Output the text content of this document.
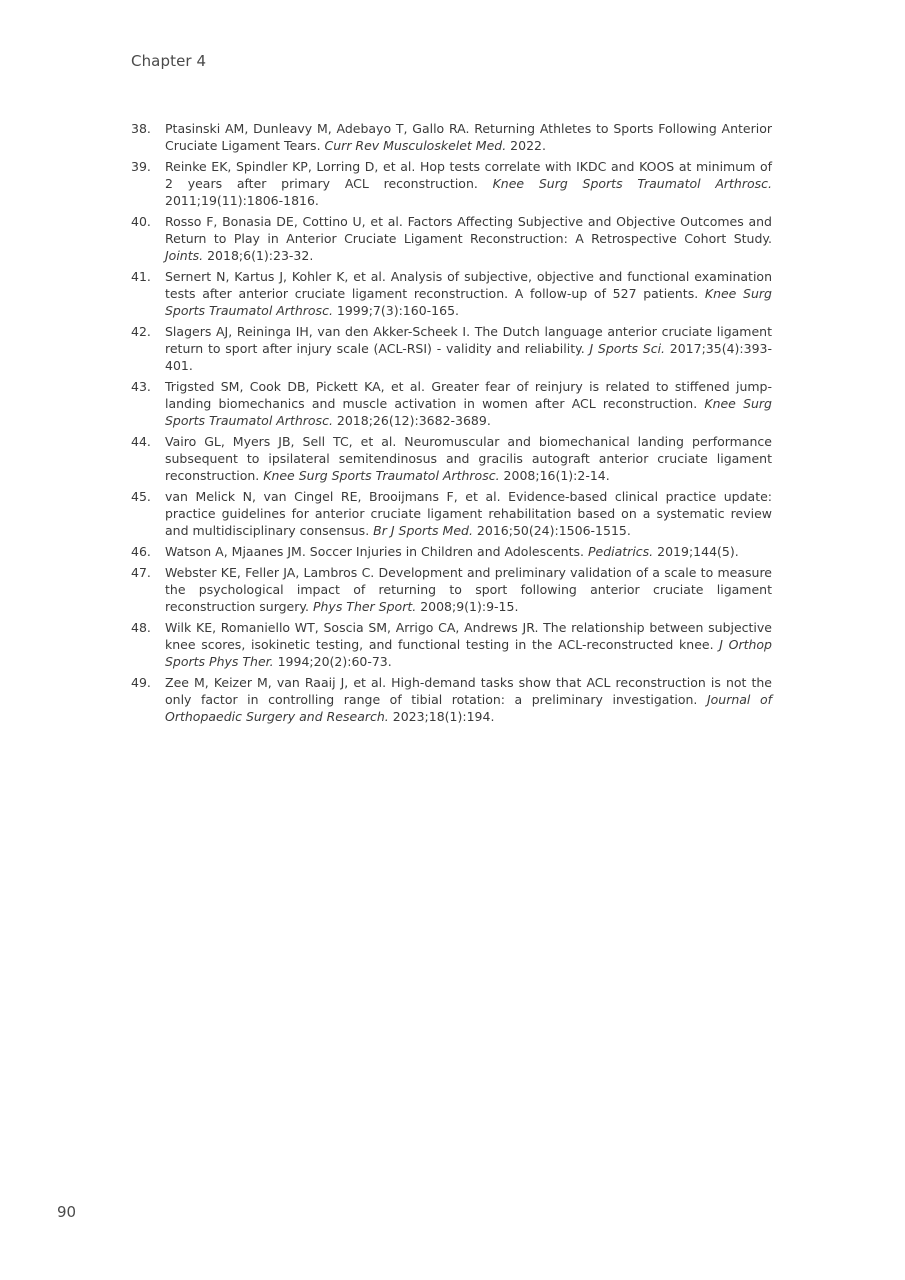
Chapter 4
38.	Ptasinski AM, Dunleavy M, Adebayo T, Gallo RA. Returning Athletes to Sports Following Anterior Cruciate Ligament Tears. Curr Rev Musculoskelet Med. 2022.
39.	Reinke EK, Spindler KP, Lorring D, et al. Hop tests correlate with IKDC and KOOS at minimum of 2 years after primary ACL reconstruction. Knee Surg Sports Traumatol Arthrosc. 2011;19(11):1806-1816.
40.	Rosso F, Bonasia DE, Cottino U, et al. Factors Affecting Subjective and Objective Outcomes and Return to Play in Anterior Cruciate Ligament Reconstruction: A Retrospective Cohort Study. Joints. 2018;6(1):23-32.
41.	Sernert N, Kartus J, Kohler K, et al. Analysis of subjective, objective and functional examination tests after anterior cruciate ligament reconstruction. A follow-up of 527 patients. Knee Surg Sports Traumatol Arthrosc. 1999;7(3):160-165.
42.	Slagers AJ, Reininga IH, van den Akker-Scheek I. The Dutch language anterior cruciate ligament return to sport after injury scale (ACL-RSI) - validity and reliability. J Sports Sci. 2017;35(4):393-401.
43.	Trigsted SM, Cook DB, Pickett KA, et al. Greater fear of reinjury is related to stiffened jump-landing biomechanics and muscle activation in women after ACL reconstruction. Knee Surg Sports Traumatol Arthrosc. 2018;26(12):3682-3689.
44.	Vairo GL, Myers JB, Sell TC, et al. Neuromuscular and biomechanical landing performance subsequent to ipsilateral semitendinosus and gracilis autograft anterior cruciate ligament reconstruction. Knee Surg Sports Traumatol Arthrosc. 2008;16(1):2-14.
45.	van Melick N, van Cingel RE, Brooijmans F, et al. Evidence-based clinical practice update: practice guidelines for anterior cruciate ligament rehabilitation based on a systematic review and multidisciplinary consensus. Br J Sports Med. 2016;50(24):1506-1515.
46.	Watson A, Mjaanes JM. Soccer Injuries in Children and Adolescents. Pediatrics. 2019;144(5).
47.	Webster KE, Feller JA, Lambros C. Development and preliminary validation of a scale to measure the psychological impact of returning to sport following anterior cruciate ligament reconstruction surgery. Phys Ther Sport. 2008;9(1):9-15.
48.	Wilk KE, Romaniello WT, Soscia SM, Arrigo CA, Andrews JR. The relationship between subjective knee scores, isokinetic testing, and functional testing in the ACL-reconstructed knee. J Orthop Sports Phys Ther. 1994;20(2):60-73.
49.	Zee M, Keizer M, van Raaij J, et al. High-demand tasks show that ACL reconstruction is not the only factor in controlling range of tibial rotation: a preliminary investigation. Journal of Orthopaedic Surgery and Research. 2023;18(1):194.
90
